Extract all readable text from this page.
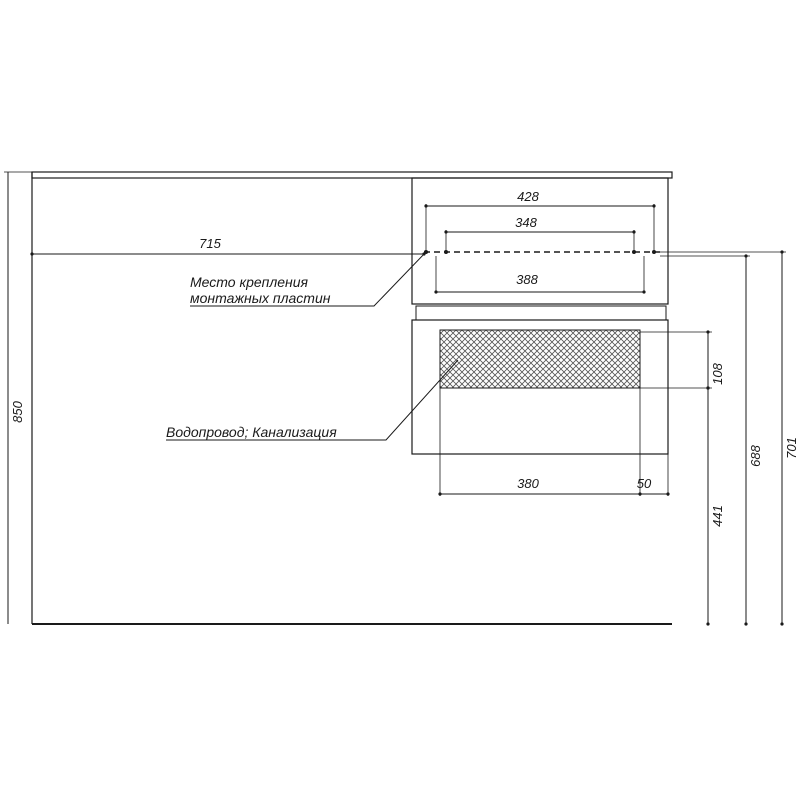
715
428
348
388
850
701
688
108
441
380	50
Место крепления
монтажных пластин
Водопровод; Канализация
